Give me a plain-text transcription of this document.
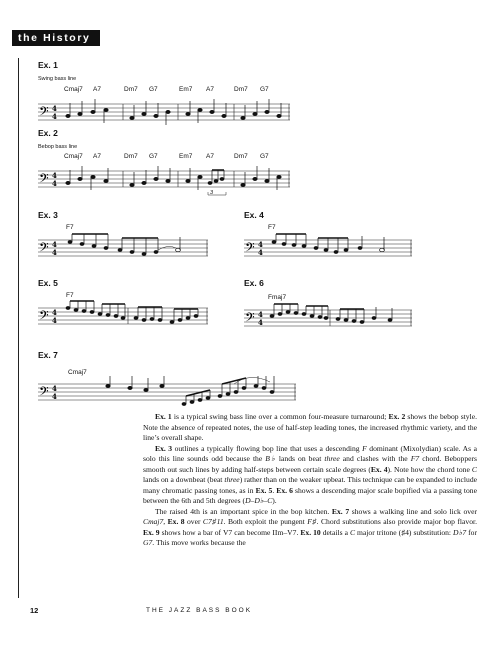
the History
Ex. 1
Swing bass line
Cmaj7 A7	Dm7 G7	Em7 A7	Dm7 G7
𝄢 4
4
Ex. 2
Bebop bass line
Cmaj7 A7	Dm7 G7	Em7 A7	Dm7 G7
𝄢 4
4
3
Ex. 3
F7
𝄢 4
4
Ex. 4
F7
𝄢 4
4
Ex. 5
F7
𝄢 4
4
Ex. 6
Fmaj7
𝄢 4
4
Ex. 7
Cmaj7
𝄢 4
4

Ex. 1 is a typical swing bass line over a common four-measure turnaround; Ex. 2 shows the bebop style. Note the absence of repeated notes, the use of half-step leading tones, the increased rhythmic variety, and the line’s overall shape.

Ex. 3 outlines a typically flowing bop line that uses a descending F dominant (Mixolydian) scale. As a solo this line sounds odd because the B♭ lands on beat three and clashes with the F7 chord. Beboppers smooth out such lines by adding half-steps between certain scale degrees (Ex. 4). Note how the chord tone C lands on a downbeat (beat three) rather than on the weaker upbeat. This technique can be expanded to include many chromatic passing tones, as in Ex. 5. Ex. 6 shows a descending major scale bopified via a passing tone between the 6th and 5th degrees (D–D♭–C).

The raised 4th is an important spice in the bop kitchen. Ex. 7 shows a walking line and solo lick over Cmaj7, Ex. 8 over C7♯11. Both exploit the pungent F♯. Chord substitutions also provide major bop flavor. Ex. 9 shows how a bar of V7 can become IIm–V7. Ex. 10 details a C major tritone (♯4) substitution: D♭7 for G7. This move works because the

12	THE JAZZ BASS BOOK
